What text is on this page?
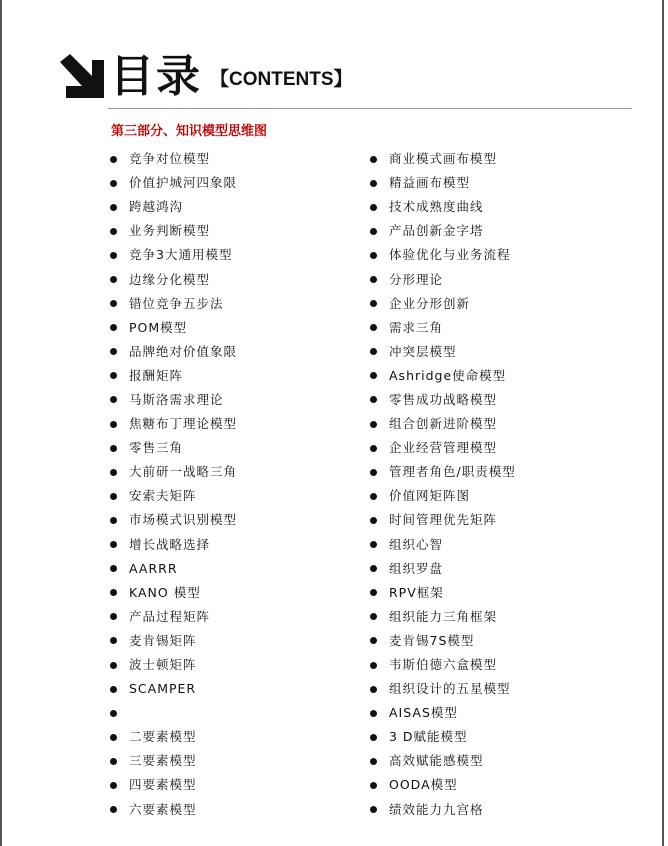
目录 【CONTENTS】
第三部分、知识模型思维图
竞争对位模型
价值护城河四象限
跨越鸿沟
业务判断模型
竞争3大通用模型
边缘分化模型
错位竞争五步法
POM模型
品牌绝对价值象限
报酬矩阵
马斯洛需求理论
焦糖布丁理论模型
零售三角
大前研一战略三角
安索夫矩阵
市场模式识别模型
增长战略选择
AARRR
KANO 模型
产品过程矩阵
麦肯锡矩阵
波士顿矩阵
SCAMPER
二要素模型
三要素模型
四要素模型
六要素模型
商业模式画布模型
精益画布模型
技术成熟度曲线
产品创新金字塔
体验优化与业务流程
分形理论
企业分形创新
需求三角
冲突层模型
Ashridge使命模型
零售成功战略模型
组合创新进阶模型
企业经营管理模型
管理者角色/职责模型
价值网矩阵图
时间管理优先矩阵
组织心智
组织罗盘
RPV框架
组织能力三角框架
麦肯锡7S模型
韦斯伯德六盒模型
组织设计的五星模型
AISAS模型
3 D赋能模型
高效赋能感模型
OODA模型
绩效能力九宫格
